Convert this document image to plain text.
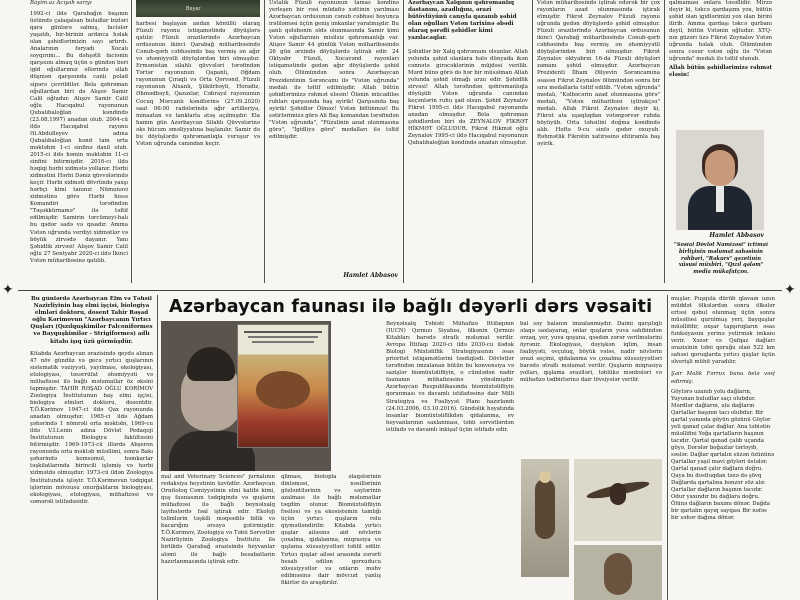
Bayim.az Acıyah sarıyı

1992-ci ildə Qarabağın başının üstündə çalaqalsan buludlar bizləri qara günlərə salmış, faciələr yaşatdı, bir-birinin ardınca həlak olan şəhidlərimizin sayı artırdı. Analarının fəryadı Xocalı soyqırımı... Bu dəhşətli faciənin qarşısını almaq üçün o gündən beri igid oğullarımız əllərində silah düşmən qarşısında canlı polad sipərə çevrildilər. Bela qəhrəman oğullardan biri də Alışov Samir Calil oğludur. Alışov Samir Calil oğlu Hacıqabul rayonunun Qubalıbaloğlan kəndində (23.08.1997) anadan olub. 2004-cü ildə Hacıqabul rayonu Əl.Abdulleyev adına Qubalıbaloğlan kənd tam orta məktəbin 1-ci sinfinə daxil olub. 2015-ci ildə həmin məktəbin 11-ci sinfini bitirmişdir. 2016-cı ildə həqiqi hərbi xidmətə yollanır. Hərbi xidmətini Hərbi Dəniz qüvvələrində keçir. Hərbi xidməti dövründə yaxşı hərbçi kimi tanınır. Nümunəvi xidmətinə görə Hərbi hissə Komandiri tərəfindən "Təşəkkürnamə" ilə təltif edilmişdir. Samirin tərcümeyi-halı bu qədər sadə və qısadır. Amma Vətən uğrunda verdiyi xidmətlər və böyük zirvədə dayanır. Yanı Şəhidlik zirvəsi! Alışov Samir Calil oğlu 27 Sentyabr 2020-ci ildə İkinci Vətən müharibəsinə qatılıb.

Bəyar

harbesi başlayan andan könüllü olaraq Füzuli rayonu istiqamətində döyüşlərə qatılır. Füzuli ərazilərində Azərbaycan ordusunun ikinci Qarabağ müharibəsində Cənub-qərb cəbhəsində baş vermiş ən ağır və əhəmiyyətli döyüşlərdən biri olmuşdur. Ermənistan silahlı qüvvələri tərəfindən Tərtər rayonunun Qapanlı, Əğdam rayonunun Çıraqlı və Orta Qərvənd, Füzuli rayonunun Alxanlı, Şükürbəyli, Horadiz, Əhmədbəyli, Qazaxlar, Cəbrayıl rayonunun Cocuq Mərcanlı kəndlərinə (27.09.2020) saat 06:00 radələrində ağır artilleriya, minaatan və tanklarla atəş açılmışdır. Ela hamın gün Azərbaycan Silahlı Qüvvələrinə əks hücum əməliyyatına başlanılır. Samir də bu döyüşlərdə qəhrəmanlıqla vuruşur və Vətən uğrunda canından keçir.

Ustalık Füzuli rayonunun tamas kəndinə yerleşen bir rəsi müdafiə xəttinin yarılması Azərbaycan ordusunun cənub cəbhəsi boyunca irəliləməsi üçün geniş imkanlar yaratmışdır. Bu şanlı qələbənin əldə olunmasında Samir kimi Vətən oğullarının misilsiz qəhrəmanlığı var. Alışov Samir 44 günlük Vətən müharibəsində 26 gün ərzində döyüşlərdə iştirak edir. 24 Oktyabr Füzuli, Xocavənd rayonları istiqamətində gedən ağır döyüşlərdə şəhid olub. Ölümündən sonra Azərbaycan Prezidentinin Sərəncamı ilə "Vətən uğrunda" medalı ilə təltif edilmişdir. Allah bütün şəhidlərimizə rəhmət eləsin! Ölənin mücadiləs ruhları qarşısında baş əyirik! Qarşısında baş əyirik! Şəhidlər Ölməz! Vətən bölünməz! Bu sətirlərimizə görə Ali Baş komandan tərəfindən "Vətən uğrunda", "Füzulinin azad olunmasına görə", "İgidliyə görə" medalları ilə təltif edilmişdir.

Hamlet Abbasov

Azərbaycan Xalqının qəhrəmanlıq dastanını, azadlığını, ərazi bütövlüyünü canıyla qazanıb şəhid olan oğulları Vətən tarixinə əbədi olaraq şərəfli şəhidlər kimi yazılacaqlar.

Şəhidlər bir Xalq qəhrəmanı olsunlar. Allah yolunda şəhid olanlara hələ dünyada ikən cənnətə girəcəklərinin müjdəsi verilib. Mərd bünə görə də hər bir müsəlman Allah yolunda şəhid olmağı arzu edir. Şəhidlik zirvəsi! Allah tərəfindən qəhrəmanlıqla döyüşüb Vətən uğrunda canından keçənlərin ruhu şad olsun. Şəhid Zeynalov Fikrət 1995-ci ildə Hacıqabul rayonunda anadan olmuşdur. Bela qəhrəman şəhidlərdən biri də ZEYNALOV FİKRƏT HİKMƏT OĞLUDUR. Fikrət Hikmət oğlu Zeynalov 1995-ci ildə Hacıqabul rayonunun Qubalıbaloğlan kəndində anadan olmuşdur.

Vətən müharibəsində iştirak edərək bir çox rayonların azad olunmasında iştirak etmişdir. Fikrət Zeynalov Füzuli rayonu uğrunda gedən döyüşlərdə şəhid olmuşdur. Füzuli ərazilərində Azərbaycan ordusunun ikinci Qarabağ müharibəsində Cənub-qərb cəbhəsində baş vermiş ən əhəmiyyətli döyüşlərindən biri olmuşdur. Fikrət Zeynalov oktyabrın 16-da Füzuli döyüşləri zamanı şəhid olmuşdur. Azərbaycan Prezidenti İlham Əliyevin Sərəncamına əsasən Fikrət Zeynalov ölümündən sonra bir sıra medallarla təltif edilib. "Vətən uğrunda" medalı, "Kəlbəcərin azad olunmasına görə" medalı, "Vətən müharibəsi iştirakçısı" medalı. Allah Fikrət Zeynalov deyir ki, Fikrət ata uşaqlıqdan vətənpərvər ruhda böyüyüb. Orta təhsilini doğma kəndində alıb. Həftə 9-cu sinfə qədər oxuyub. Rəhmətlik Fikrətin xatirəsinə ehtiramla baş əyirik.

qalmaması onlara təsəllidir. Mirzə deyir ki, təkcə qardaşımı yox, bütün şəhid olan igidlərimizi yox olan birini itirib. Amma qardaşı təkcə qurbanı deyil, bütün Vətənin oğludur. XTQ-nın güzəri üzə Fikrət Zeynalov Vətən uğrunda həlak olub. Ölümündən sonra cəsur vətən oğlu ilə "Vətən uğrunda" medalı ilə təltif olunub.

Allah bütün şəhidlərimizə rəhmət eləsin!

Hamlet Abbasov

"Sosial Dövlət Namizəsi" ictimai birliyinin məlumat sahəsinin rəhbəri, "Rəkurs" qəzetinin xüsusi müxbiri, "Qızıl qələm" media mükafatçısı.

✦	✦
Azərbaycan faunası ilə bağlı dəyərli dərs vəsaiti

Bu günlərdə Azərbaycan Elm və Təhsil Nazirliyinin baş elmi işçisi, biologiya elmləri doktoru, dosent Tahir Rəşad oğlu Kərimovun "Azərbaycanın Yırtıcı Quşları (Qızılquşkimilər Falconiformes və Bayquşkimilər - Strigiformes) adlı kitabı işıq üzü görmüşdür.

Kitabda Azərbaycan ərazisində qeydə alınan 47 növ gündüz və gecə yırtıcı quşlarının sistematik vəziyyəti, yayılması, ekologiyası, etologiyası, təsərrüfat əhəmiyyəti və mühafizəsi ilə bağlı məlumatlar öz əksini tapmışdır. TAHİR RƏŞAD OĞLU KƏRİMOV Zoologiya İnstitutunun baş elmi işçisi, biologiya elmləri doktoru, dosentdir. T.Ö.Kərimov 1947-ci ildə Qax rayonunda anadan olmuşdur. 1965-ci ildə Ağdam şəhərində 1 nömrəli orta məktəbi, 1969-cu ildə V.İ.Lenin adına Dövlət Pedaqoji İnstitutunun Biologiya fakültəsini bitirmişdir. 1969-1973-cü illərdə Abşeron rayonunda orta məktəb müəllimi, sonra Bakı şəhərində komsomol, həmkarlar təşkilatlarında birincili işləmiş və hərbi xidmətdə olmuşdur. 1973-cü ildən Zoologiya İnstitutunda işləyir. T.Ö.Kərimovun tədqiqat işlərinin mövzusu onurğalıların biologiyası, ekologiyası, etologiyası, mühafizəsi və səmərəli istifadəsidir.

mal and Veterinary Sciences" jurnalının redaksiya heyətinin üzvüdür. Azərbaycan Ornitoloq Cəmiyyətinin elmi katibi kimi, quş faunasının tədqiqində və quşların mühafizəsi ilə bağlı beynəlxalq layihələrdə fəal iştirak edir. Ekoloji təlimlərin təşkili məqsədilə bilik və bacarığını ərsəyə gətirmişdir. T.Ö.Kərimov, Zoologiya və Təbii Sərvətlər Nazirliyinin Zoologiya İnstitutu ilə birlikdə Qarabağ ərazisində heyvanlar aləmi ilə bağlı hesabatların hazırlanmasında iştirak edir.

qliması, biotopla əlaqələrinin dinləməsi, nəsillərinin gözləntilərinin və səylərinin azalması ilə bağlı məlumatlar təqdim olunur. Biomüxtəlifliyin fəsiləsi və ya ekosistemin tamlığı üçün yırtıcı quşların rolu qiymətləndirilir. Kitabda yırtıcı quşlar ailəsinə aid növlərin çoxalma, qidalanma, miqrasiya və qışlama xüsusiyyətləri təhlil edilir. Yırtıcı quşlar ailəsi arasında zərərli hesab edilən qorxuducu xüsusiyyətlər və onların məhv edilməsinə dair mövcud yanlış fikirlər də araşdırılır.

Beynəlxalq Təbiəti Mühafizə İttifaqının (IUCN) Qırmızı Siyahısı, ölkənin Qırmızı Kitabları barədə ətraflı məlumat verilir. Avropa İttifaqı 2020-ci ildə 2030-cu ilədək Biologi Müxtəliflik Strategiyasının əsas prioritet istiqamətlərini təsdiqlədi. Dövlətlər tərəfindən imzalanan bütün bu konvensiya və sazişlər biomüxtəlifliyin, o cümlədən nadir faunanın mühafizəsinə yönəlmişdir. Azərbaycan Respublikasında biomüxtəlifliyin qorunması və davamlı istifadəsinə dair Milli Strategiya və Fəaliyyət Planı hazırlandı (24.03.2006, 03.10.2016). Gündəlik həyatında insanlar biomüxtəliflikdən qidalanma, ev heyvanlarının saxlanması, təbii sərvətlərdən istifadə və davamlı inkişaf üçün istifadə edir.

bal səy balanın imzalanmışdır. Daimi qarşılıqlı əlaqə saxlayaraq, onlar quşların yuva sahibindən ərzaq, yer, yuva qoşuna, qəsdən zərər verilmələrini öyrənir. Ekologiyası, dəyişkən iqlim, insan fəaliyyəti, ovçuluq, böyük vələs, nadir növlərin ərazi seçimi, qidalanma və çoxalma xüsusiyyətləri barədə ətraflı məlumat verilir. Quşların miqrasiya yolları, qışlama əraziləri, təhlükə mənbələri və mühafizə tədbirlərinə dair tövsiyələr verilir.

muşlar. Puşqula dürüb qlavaın uzun müddət ölkələrdən sonra ölkələr ertəsi qəbul olunmaq üçün sonra müsəlləsi qurulmuş yeri, bayquşlar müəllifdir, oxşar tapşırıqların əsas funksiyasını yerinə yetirmək imkanı verir. Xəzər və Qafqaz dağları ərazisinin təbii qoruğu olan 522 km sahəsi qoruqlarda yırtıcı quşlar üçün əlverişli mühit yaradılır.

Şair Malik Fərrux bunu belə vəsf edirmiş:

Göylərə uzanıb yolu dağların, Yuyunan buludlar saçı olubdur. Mərdlər dağların, ulu dağların Qartallar başının tacı olubdur. Bir qartal yanında göyün gözünü Göylər yeli qanad çalar dağlar. Ana təbiətin müəllifini Yoğa qartalların başının tacıdır. Qartal qanad çalıb uçanda göyə, Dərələr boğazlar tərləyib, səslər. Dağlar qartalın süzən özününə Qartallar yaşıl mavi göyləri üstələr. Qartal qanad çalır dağlara doğru. Qaya bu dostluqdan təzə də şövq Dağlarda qartalına bənzər söz alır. Qartallar dağların başının tacıdır. Odur yaxındır bu dağlara doğru. Ölünə dağların baxımı dönər. Dağda bir qartalın qayıq sayqası Bir nəfəs bir səhər dağına dönər.
